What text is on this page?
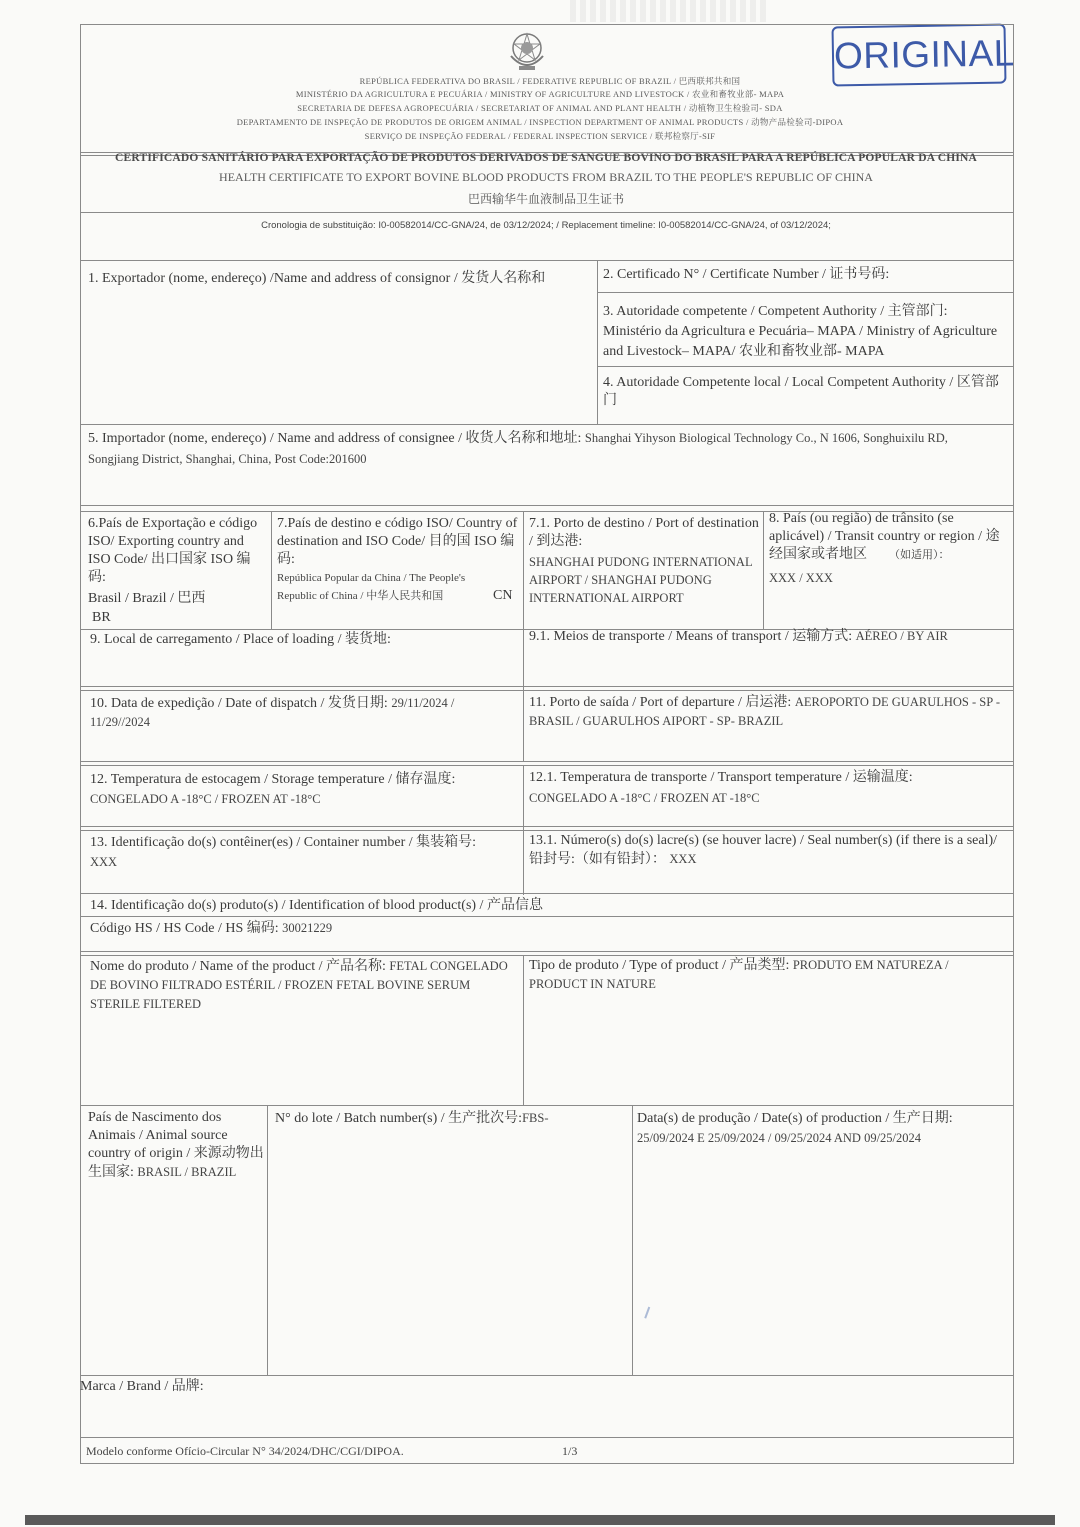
ORIGINAL
REPÚBLICA FEDERATIVA DO BRASIL / FEDERATIVE REPUBLIC OF BRAZIL / 巴西联邦共和国
MINISTÉRIO DA AGRICULTURA E PECUÁRIA / MINISTRY OF AGRICULTURE AND LIVESTOCK / 农业和畜牧业部- MAPA
SECRETARIA DE DEFESA AGROPECUÁRIA / SECRETARIAT OF ANIMAL AND PLANT HEALTH / 动植物卫生检验司- SDA
DEPARTAMENTO DE INSPEÇÃO DE PRODUTOS DE ORIGEM ANIMAL / INSPECTION DEPARTMENT OF ANIMAL PRODUCTS / 动物产品检验司-DIPOA
SERVIÇO DE INSPEÇÃO FEDERAL / FEDERAL INSPECTION SERVICE / 联邦检察厅-SIF
CERTIFICADO SANITÁRIO PARA EXPORTAÇÃO DE PRODUTOS DERIVADOS DE SANGUE BOVINO DO BRASIL PARA A REPÚBLICA POPULAR DA CHINA
HEALTH CERTIFICATE TO EXPORT BOVINE BLOOD PRODUCTS FROM BRAZIL TO THE PEOPLE'S REPUBLIC OF CHINA
巴西输华牛血液制品卫生证书
Cronologia de substituição: I0-00582014/CC-GNA/24, de 03/12/2024; / Replacement timeline: I0-00582014/CC-GNA/24, of 03/12/2024;
1. Exportador (nome, endereço) /Name and address of consignor / 发货人名称和	2. Certificado N° / Certificate Number / 证书号码:
3. Autoridade competente / Competent Authority / 主管部门:
Ministério da Agricultura e Pecuária– MAPA / Ministry of Agriculture and Livestock– MAPA/ 农业和畜牧业部- MAPA
4. Autoridade Competente local / Local Competent Authority / 区管部门
5. Importador (nome, endereço) / Name and address of consignee / 收货人名称和地址: Shanghai Yihyson Biological Technology Co., N 1606, Songhuixilu RD, Songjiang District, Shanghai, China, Post Code:201600
6.País de Exportação e código ISO/ Exporting country and ISO Code/ 出口国家 ISO 编码:
Brasil / Brazil / 巴西
BR
7.País de destino e código ISO/ Country of destination and ISO Code/ 目的国 ISO 编码:
República Popular da China / The People's Republic of China / 中华人民共和国	CN
7.1. Porto de destino / Port of destination / 到达港:
SHANGHAI PUDONG INTERNATIONAL AIRPORT / SHANGHAI PUDONG INTERNATIONAL AIRPORT
8. País (ou região) de trânsito (se aplicável) / Transit country or region / 途经国家或者地区	（如适用）：
XXX / XXX
9. Local de carregamento / Place of loading / 装货地:	9.1. Meios de transporte / Means of transport / 运输方式: AÉREO / BY AIR
10. Data de expedição / Date of dispatch / 发货日期: 29/11/2024 / 11/29//2024
11. Porto de saída / Port of departure / 启运港: AEROPORTO DE GUARULHOS - SP - BRASIL / GUARULHOS AIPORT - SP- BRAZIL
12. Temperatura de estocagem / Storage temperature / 储存温度:
CONGELADO A -18°C / FROZEN AT -18°C
12.1. Temperatura de transporte / Transport temperature / 运输温度:
CONGELADO A -18°C / FROZEN AT -18°C
13. Identificação do(s) contêiner(es) / Container number / 集装箱号:
XXX
13.1. Número(s) do(s) lacre(s) (se houver lacre) / Seal number(s) (if there is a seal)/ 铅封号:（如有铅封）： XXX
14. Identificação do(s) produto(s) / Identification of blood product(s) / 产品信息
Código HS / HS Code / HS 编码: 30021229
Nome do produto / Name of the product / 产品名称: FETAL CONGELADO DE BOVINO FILTRADO ESTÉRIL / FROZEN FETAL BOVINE SERUM STERILE FILTERED
Tipo de produto / Type of product / 产品类型: PRODUTO EM NATUREZA / PRODUCT IN NATURE
País de Nascimento dos Animais / Animal source country of origin / 来源动物出生国家: BRASIL / BRAZIL
N° do lote / Batch number(s) / 生产批次号:FBS-	Data(s) de produção / Date(s) of production / 生产日期:
25/09/2024 E 25/09/2024 / 09/25/2024 AND 09/25/2024
Marca / Brand / 品牌:
Modelo conforme Ofício-Circular N° 34/2024/DHC/CGI/DIPOA.	1/3
